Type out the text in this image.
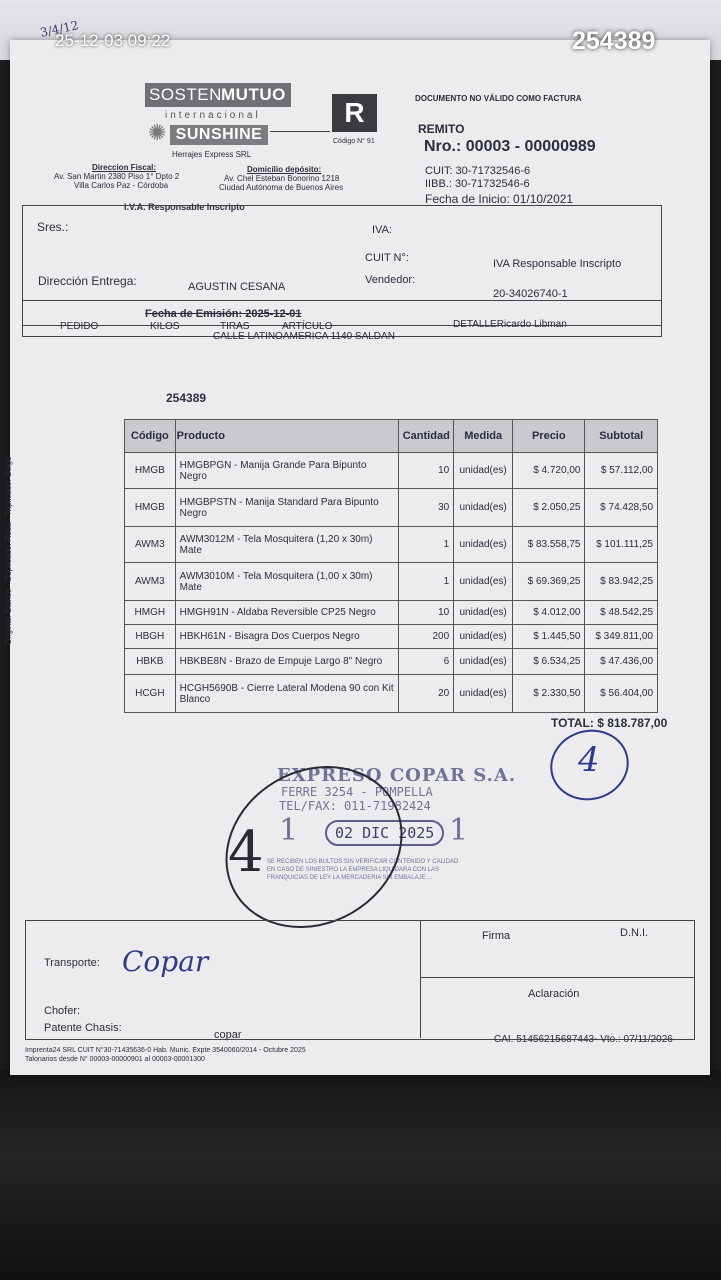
25-12-03 09:22	254389
3/4/12
SOSTEN MUTUO
internacional
✺ SUNSHINE
Herrajes Express SRL
R
Código N° 91
DOCUMENTO NO VÁLIDO COMO FACTURA
REMITO
Nro.: 00003 - 00000989
CUIT: 30-71732546-6
IIBB.: 30-71732546-6
Fecha de Inicio: 01/10/2021
Direccion Fiscal:
Av. San Martin 2380 Piso 1° Dpto 2
Villa Carlos Paz - Córdoba
Domicilio depósito:
Av. Chel Esteban Bonorino 1218
Ciudad Autónoma de Buenos Aires
I.V.A. Responsable Inscripto
Sres.:	IVA:
CUIT N°:	IVA Responsable Inscripto
Dirección Entrega:	AGUSTIN CESANA
Vendedor:
20-34026740-1
Fecha de Emisión: 2025-12-01
PEDIDO	KILOS	TIRAS	ARTÍCULO
CALLE LATINOAMERICA 1140 SALDAN
DETALLERicardo Libman
254389
Código	Producto	Cantidad	Medida	Precio	Subtotal
HMGB	HMGBPGN - Manija Grande Para Bipunto Negro	10	unidad(es)	$ 4.720,00	$ 57.112,00
HMGB	HMGBPSTN - Manija Standard Para Bipunto Negro	30	unidad(es)	$ 2.050,25	$ 74.428,50
AWM3	AWM3012M - Tela Mosquitera (1,20 x 30m) Mate	1	unidad(es)	$ 83.558,75	$ 101.111,25
AWM3	AWM3010M - Tela Mosquitera (1,00 x 30m) Mate	1	unidad(es)	$ 69.369,25	$ 83.942,25
HMGH	HMGH91N - Aldaba Reversible CP25 Negro	10	unidad(es)	$ 4.012,00	$ 48.542,25
HBGH	HBKH61N - Bisagra Dos Cuerpos Negro	200	unidad(es)	$ 1.445,50	$ 349.811,00
HBKB	HBKBE8N - Brazo de Empuje Largo 8" Negro	6	unidad(es)	$ 6.534,25	$ 47.436,00
HCGH	HCGH5690B - Cierre Lateral Modena 90 con Kit Blanco	20	unidad(es)	$ 2.330,50	$ 56.404,00
TOTAL: $ 818.787,00
4
EXPRESO COPAR S.A.
FERRE 3254 - POMPELLA
TEL/FAX: 011-71982424
1	1
SE RECIBEN LOS BULTOS SIN VERIFICAR CONTENIDO Y CALIDAD
EN CASO DE SINIESTRO LA EMPRESA LIQUIDARA CON LAS
FRANQUICIAS DE LEY LA MERCADERIA SIN EMBALAJE ...
02 DIC 2025
4
Transporte: Copar
Chofer:
Patente Chasis:
copar
Firma	D.N.I.
Aclaración
Imprenta24 SRL CUIT N°30-71435636-0 Hab. Munic. Expte 3540060/2014 - Octubre 2025
Talonarios desde N° 00003-00000901 al 00003-00001300
CAI. 51456215687443- Vto.: 07/11/2026
Original: Blanco - Duplicado: Rosa - Triplicado: Beige
